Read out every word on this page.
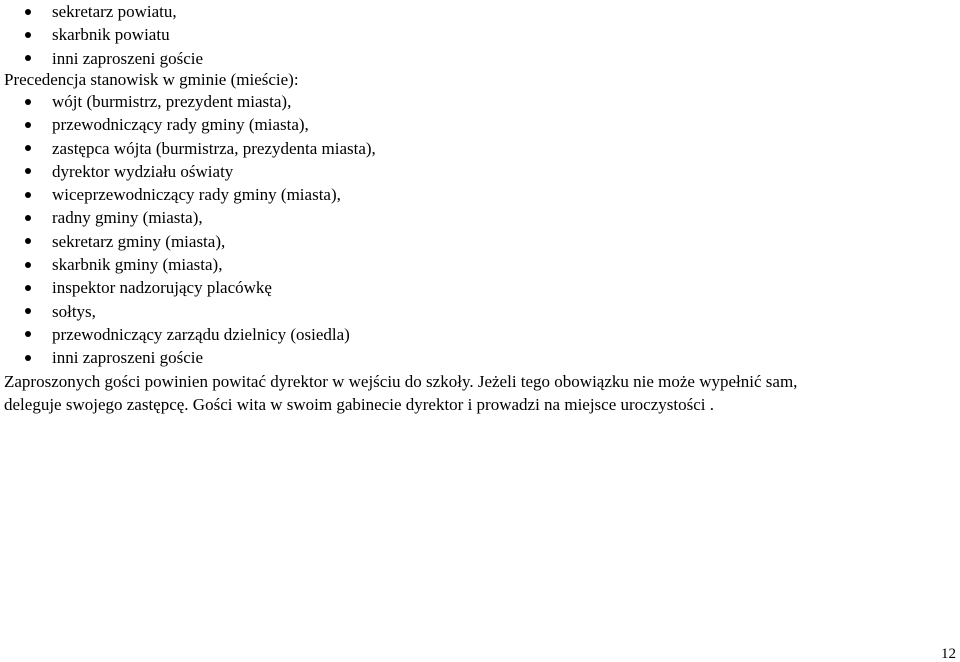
sekretarz powiatu,
skarbnik powiatu
inni zaproszeni goście
Precedencja stanowisk w gminie (mieście):
wójt (burmistrz, prezydent miasta),
przewodniczący rady gminy (miasta),
zastępca wójta (burmistrza, prezydenta miasta),
dyrektor wydziału oświaty
wiceprzewodniczący rady gminy (miasta),
radny gminy (miasta),
sekretarz gminy (miasta),
skarbnik gminy (miasta),
inspektor nadzorujący placówkę
sołtys,
przewodniczący zarządu dzielnicy (osiedla)
inni zaproszeni goście

Zaproszonych gości powinien powitać dyrektor w wejściu do szkoły. Jeżeli tego obowiązku nie może wypełnić sam,
deleguje swojego zastępcę. Gości wita w swoim gabinecie dyrektor i prowadzi na miejsce uroczystości .

12
